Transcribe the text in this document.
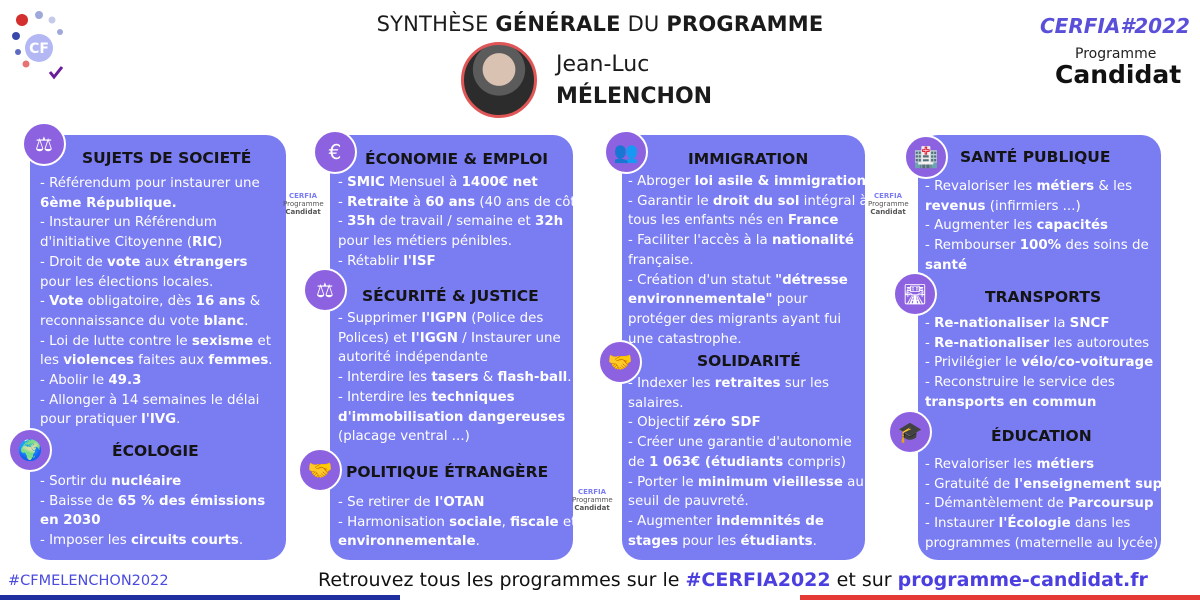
CF
SYNTHÈSE GÉNÉRALE DU PROGRAMME
Jean-Luc
MÉLENCHON
CERFIA#2022
Programme
Candidat
⚖
🌍
€
⚖
🤝
👥
🤝
🏥
🛣
🎓
SUJETS DE SOCIETÉ
ÉCOLOGIE
ÉCONOMIE & EMPLOI
SÉCURITÉ & JUSTICE
POLITIQUE ÉTRANGÈRE
IMMIGRATION
SOLIDARITÉ
SANTÉ PUBLIQUE
TRANSPORTS
ÉDUCATION
- Référendum pour instaurer une
6ème République.
- Instaurer un Référendum
d'initiative Citoyenne (RIC)
- Droit de vote aux étrangers
pour les élections locales.
- Vote obligatoire, dès 16 ans &
reconnaissance du vote blanc.
- Loi de lutte contre le sexisme et
les violences faites aux femmes.
- Abolir le 49.3
- Allonger à 14 semaines le délai
pour pratiquer l'IVG.
- Sortir du nucléaire
- Baisse de 65 % des émissions
en 2030
- Imposer les circuits courts.
- SMIC Mensuel à 1400€ net
- Retraite à 60 ans (40 ans de côt)
- 35h de travail / semaine et 32h
pour les métiers pénibles.
- Rétablir l'ISF
- Supprimer l'IGPN (Police des
Polices) et l'IGGN / Instaurer une
autorité indépendante
- Interdire les tasers & flash-ball.
- Interdire les techniques
d'immobilisation dangereuses
(placage ventral ...)
- Se retirer de l'OTAN
- Harmonisation sociale, fiscale et
environnementale.
- Abroger loi asile & immigration.
- Garantir le droit du sol intégral à
tous les enfants nés en France
- Faciliter l'accès à la nationalité
française.
- Création d'un statut "détresse
environnementale" pour
protéger des migrants ayant fui
une catastrophe.
- Indexer les retraites sur les
salaires.
- Objectif zéro SDF
- Créer une garantie d'autonomie
de 1 063€ (étudiants compris)
- Porter le minimum vieillesse au
seuil de pauvreté.
- Augmenter indemnités de
stages pour les étudiants.
- Revaloriser les métiers & les
revenus (infirmiers ...)
- Augmenter les capacités
- Rembourser 100% des soins de
santé
- Re-nationaliser la SNCF
- Re-nationaliser les autoroutes
- Privilégier le vélo/co-voiturage
- Reconstruire le service des
transports en commun
- Revaloriser les métiers
- Gratuité de l'enseignement sup.
- Démantèlement de Parcoursup
- Instaurer l'Écologie dans les
programmes (maternelle au lycée)
CERFIA
Programme
Candidat
CERFIA
Programme
Candidat
CERFIA
Programme
Candidat
#CFMELENCHON2022	Retrouvez tous les programmes sur le #CERFIA2022 et sur programme-candidat.fr
